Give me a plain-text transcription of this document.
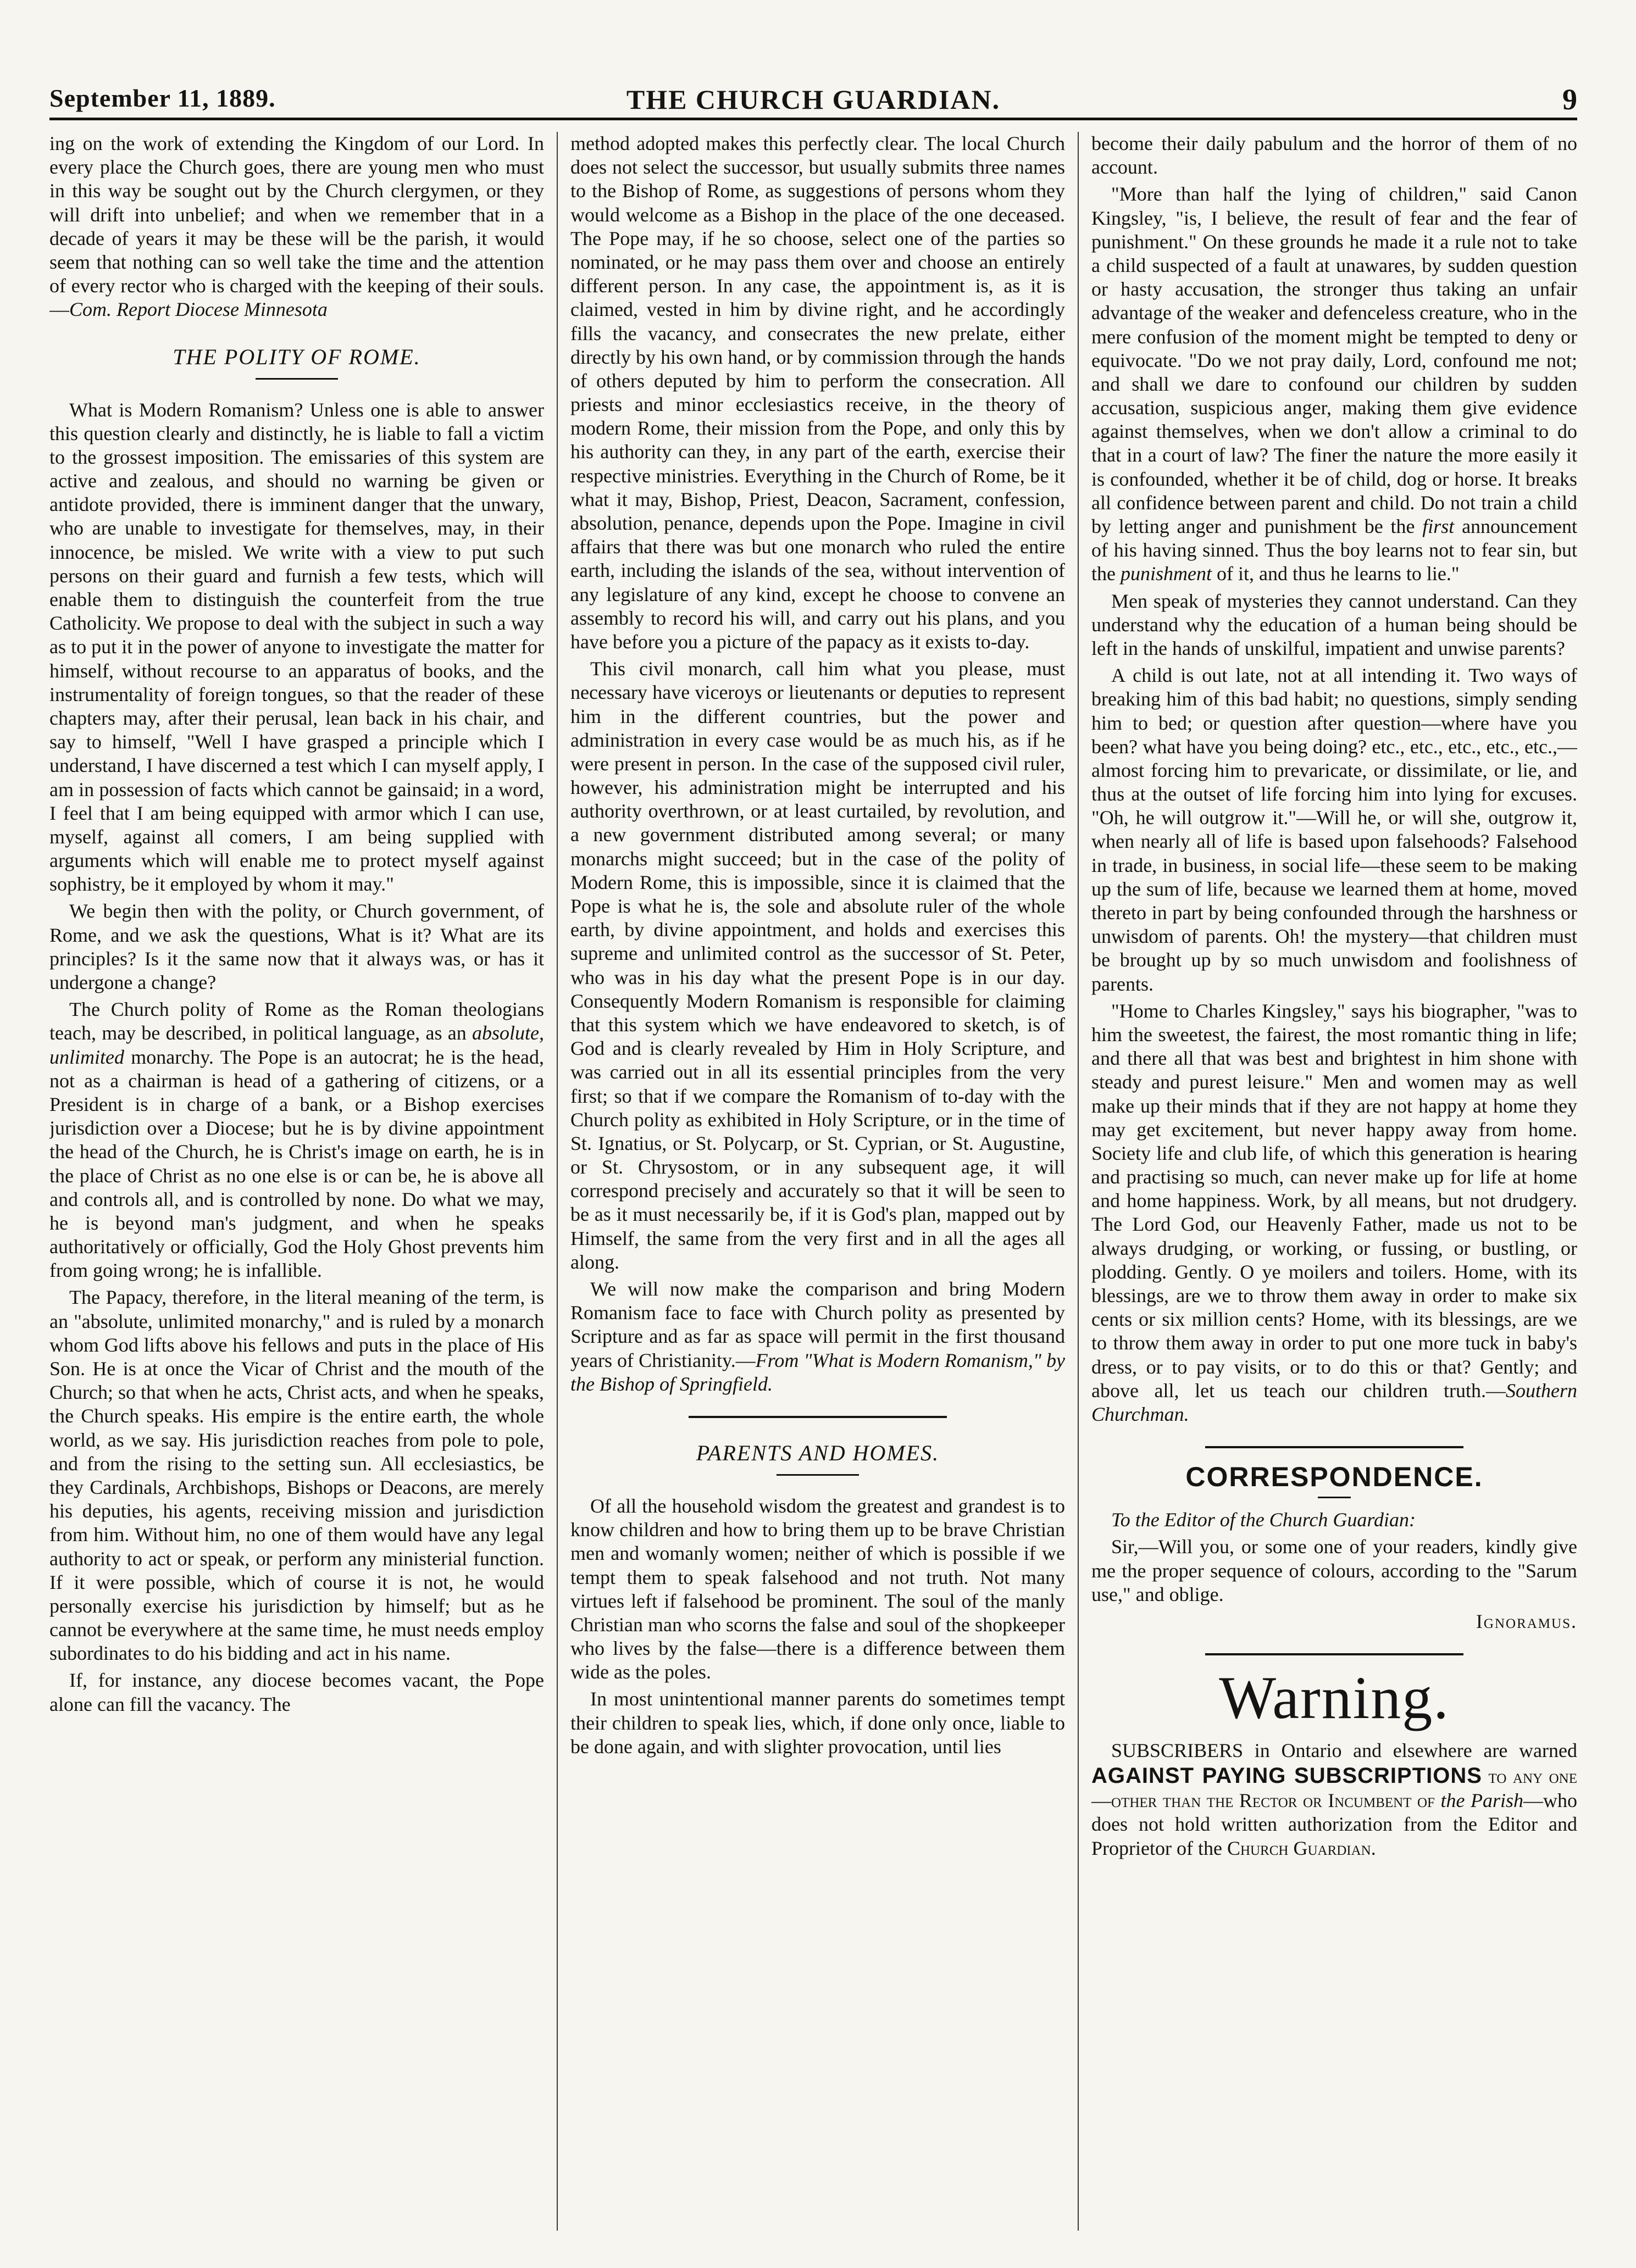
September 11, 1889.	THE CHURCH GUARDIAN.	9

ing on the work of extending the Kingdom of our Lord. In every place the Church goes, there are young men who must in this way be sought out by the Church clergymen, or they will drift into unbelief; and when we remember that in a decade of years it may be these will be the parish, it would seem that nothing can so well take the time and the attention of every rector who is charged with the keeping of their souls.—Com. Report Diocese Minnesota

THE POLITY OF ROME.

What is Modern Romanism? Unless one is able to answer this question clearly and distinctly, he is liable to fall a victim to the grossest imposition. The emissaries of this system are active and zealous, and should no warning be given or antidote provided, there is imminent danger that the unwary, who are unable to investigate for themselves, may, in their innocence, be misled. We write with a view to put such persons on their guard and furnish a few tests, which will enable them to distinguish the counterfeit from the true Catholicity. We propose to deal with the subject in such a way as to put it in the power of anyone to investigate the matter for himself, without recourse to an apparatus of books, and the instrumentality of foreign tongues, so that the reader of these chapters may, after their perusal, lean back in his chair, and say to himself, "Well I have grasped a principle which I understand, I have discerned a test which I can myself apply, I am in possession of facts which cannot be gainsaid; in a word, I feel that I am being equipped with armor which I can use, myself, against all comers, I am being supplied with arguments which will enable me to protect myself against sophistry, be it employed by whom it may."

We begin then with the polity, or Church government, of Rome, and we ask the questions, What is it? What are its principles? Is it the same now that it always was, or has it undergone a change?

The Church polity of Rome as the Roman theologians teach, may be described, in political language, as an absolute, unlimited monarchy. The Pope is an autocrat; he is the head, not as a chairman is head of a gathering of citizens, or a President is in charge of a bank, or a Bishop exercises jurisdiction over a Diocese; but he is by divine appointment the head of the Church, he is Christ's image on earth, he is in the place of Christ as no one else is or can be, he is above all and controls all, and is controlled by none. Do what we may, he is beyond man's judgment, and when he speaks authoritatively or officially, God the Holy Ghost prevents him from going wrong; he is infallible.

The Papacy, therefore, in the literal meaning of the term, is an "absolute, unlimited monarchy," and is ruled by a monarch whom God lifts above his fellows and puts in the place of His Son. He is at once the Vicar of Christ and the mouth of the Church; so that when he acts, Christ acts, and when he speaks, the Church speaks. His empire is the entire earth, the whole world, as we say. His jurisdiction reaches from pole to pole, and from the rising to the setting sun. All ecclesiastics, be they Cardinals, Archbishops, Bishops or Deacons, are merely his deputies, his agents, receiving mission and jurisdiction from him. Without him, no one of them would have any legal authority to act or speak, or perform any ministerial function. If it were possible, which of course it is not, he would personally exercise his jurisdiction by himself; but as he cannot be everywhere at the same time, he must needs employ subordinates to do his bidding and act in his name.

If, for instance, any diocese becomes vacant, the Pope alone can fill the vacancy. The

method adopted makes this perfectly clear. The local Church does not select the successor, but usually submits three names to the Bishop of Rome, as suggestions of persons whom they would welcome as a Bishop in the place of the one deceased. The Pope may, if he so choose, select one of the parties so nominated, or he may pass them over and choose an entirely different person. In any case, the appointment is, as it is claimed, vested in him by divine right, and he accordingly fills the vacancy, and consecrates the new prelate, either directly by his own hand, or by commission through the hands of others deputed by him to perform the consecration. All priests and minor ecclesiastics receive, in the theory of modern Rome, their mission from the Pope, and only this by his authority can they, in any part of the earth, exercise their respective ministries. Everything in the Church of Rome, be it what it may, Bishop, Priest, Deacon, Sacrament, confession, absolution, penance, depends upon the Pope. Imagine in civil affairs that there was but one monarch who ruled the entire earth, including the islands of the sea, without intervention of any legislature of any kind, except he choose to convene an assembly to record his will, and carry out his plans, and you have before you a picture of the papacy as it exists to-day.

This civil monarch, call him what you please, must necessary have viceroys or lieutenants or deputies to represent him in the different countries, but the power and administration in every case would be as much his, as if he were present in person. In the case of the supposed civil ruler, however, his administration might be interrupted and his authority overthrown, or at least curtailed, by revolution, and a new government distributed among several; or many monarchs might succeed; but in the case of the polity of Modern Rome, this is impossible, since it is claimed that the Pope is what he is, the sole and absolute ruler of the whole earth, by divine appointment, and holds and exercises this supreme and unlimited control as the successor of St. Peter, who was in his day what the present Pope is in our day. Consequently Modern Romanism is responsible for claiming that this system which we have endeavored to sketch, is of God and is clearly revealed by Him in Holy Scripture, and was carried out in all its essential principles from the very first; so that if we compare the Romanism of to-day with the Church polity as exhibited in Holy Scripture, or in the time of St. Ignatius, or St. Polycarp, or St. Cyprian, or St. Augustine, or St. Chrysostom, or in any subsequent age, it will correspond precisely and accurately so that it will be seen to be as it must necessarily be, if it is God's plan, mapped out by Himself, the same from the very first and in all the ages all along.

We will now make the comparison and bring Modern Romanism face to face with Church polity as presented by Scripture and as far as space will permit in the first thousand years of Christianity.—From "What is Modern Romanism," by the Bishop of Springfield.

PARENTS AND HOMES.

Of all the household wisdom the greatest and grandest is to know children and how to bring them up to be brave Christian men and womanly women; neither of which is possible if we tempt them to speak falsehood and not truth. Not many virtues left if falsehood be prominent. The soul of the manly Christian man who scorns the false and soul of the shopkeeper who lives by the false—there is a difference between them wide as the poles.

In most unintentional manner parents do sometimes tempt their children to speak lies, which, if done only once, liable to be done again, and with slighter provocation, until lies

become their daily pabulum and the horror of them of no account.

"More than half the lying of children," said Canon Kingsley, "is, I believe, the result of fear and the fear of punishment." On these grounds he made it a rule not to take a child suspected of a fault at unawares, by sudden question or hasty accusation, the stronger thus taking an unfair advantage of the weaker and defenceless creature, who in the mere confusion of the moment might be tempted to deny or equivocate. "Do we not pray daily, Lord, confound me not; and shall we dare to confound our children by sudden accusation, suspicious anger, making them give evidence against themselves, when we don't allow a criminal to do that in a court of law? The finer the nature the more easily it is confounded, whether it be of child, dog or horse. It breaks all confidence between parent and child. Do not train a child by letting anger and punishment be the first announcement of his having sinned. Thus the boy learns not to fear sin, but the punishment of it, and thus he learns to lie."

Men speak of mysteries they cannot understand. Can they understand why the education of a human being should be left in the hands of unskilful, impatient and unwise parents?

A child is out late, not at all intending it. Two ways of breaking him of this bad habit; no questions, simply sending him to bed; or question after question—where have you been? what have you being doing? etc., etc., etc., etc., etc.,—almost forcing him to prevaricate, or dissimilate, or lie, and thus at the outset of life forcing him into lying for excuses. "Oh, he will outgrow it."—Will he, or will she, outgrow it, when nearly all of life is based upon falsehoods? Falsehood in trade, in business, in social life—these seem to be making up the sum of life, because we learned them at home, moved thereto in part by being confounded through the harshness or unwisdom of parents. Oh! the mystery—that children must be brought up by so much unwisdom and foolishness of parents.

"Home to Charles Kingsley," says his biographer, "was to him the sweetest, the fairest, the most romantic thing in life; and there all that was best and brightest in him shone with steady and purest leisure." Men and women may as well make up their minds that if they are not happy at home they may get excitement, but never happy away from home. Society life and club life, of which this generation is hearing and practising so much, can never make up for life at home and home happiness. Work, by all means, but not drudgery. The Lord God, our Heavenly Father, made us not to be always drudging, or working, or fussing, or bustling, or plodding. Gently. O ye moilers and toilers. Home, with its blessings, are we to throw them away in order to make six cents or six million cents? Home, with its blessings, are we to throw them away in order to put one more tuck in baby's dress, or to pay visits, or to do this or that? Gently; and above all, let us teach our children truth.—Southern Churchman.

CORRESPONDENCE.

To the Editor of the Church Guardian:

Sir,—Will you, or some one of your readers, kindly give me the proper sequence of colours, according to the "Sarum use," and oblige.

Ignoramus.

Warning.

SUBSCRIBERS in Ontario and elsewhere are warned AGAINST PAYING SUBSCRIPTIONS to any one—other than the Rector or Incumbent of the Parish—who does not hold written authorization from the Editor and Proprietor of the Church Guardian.
